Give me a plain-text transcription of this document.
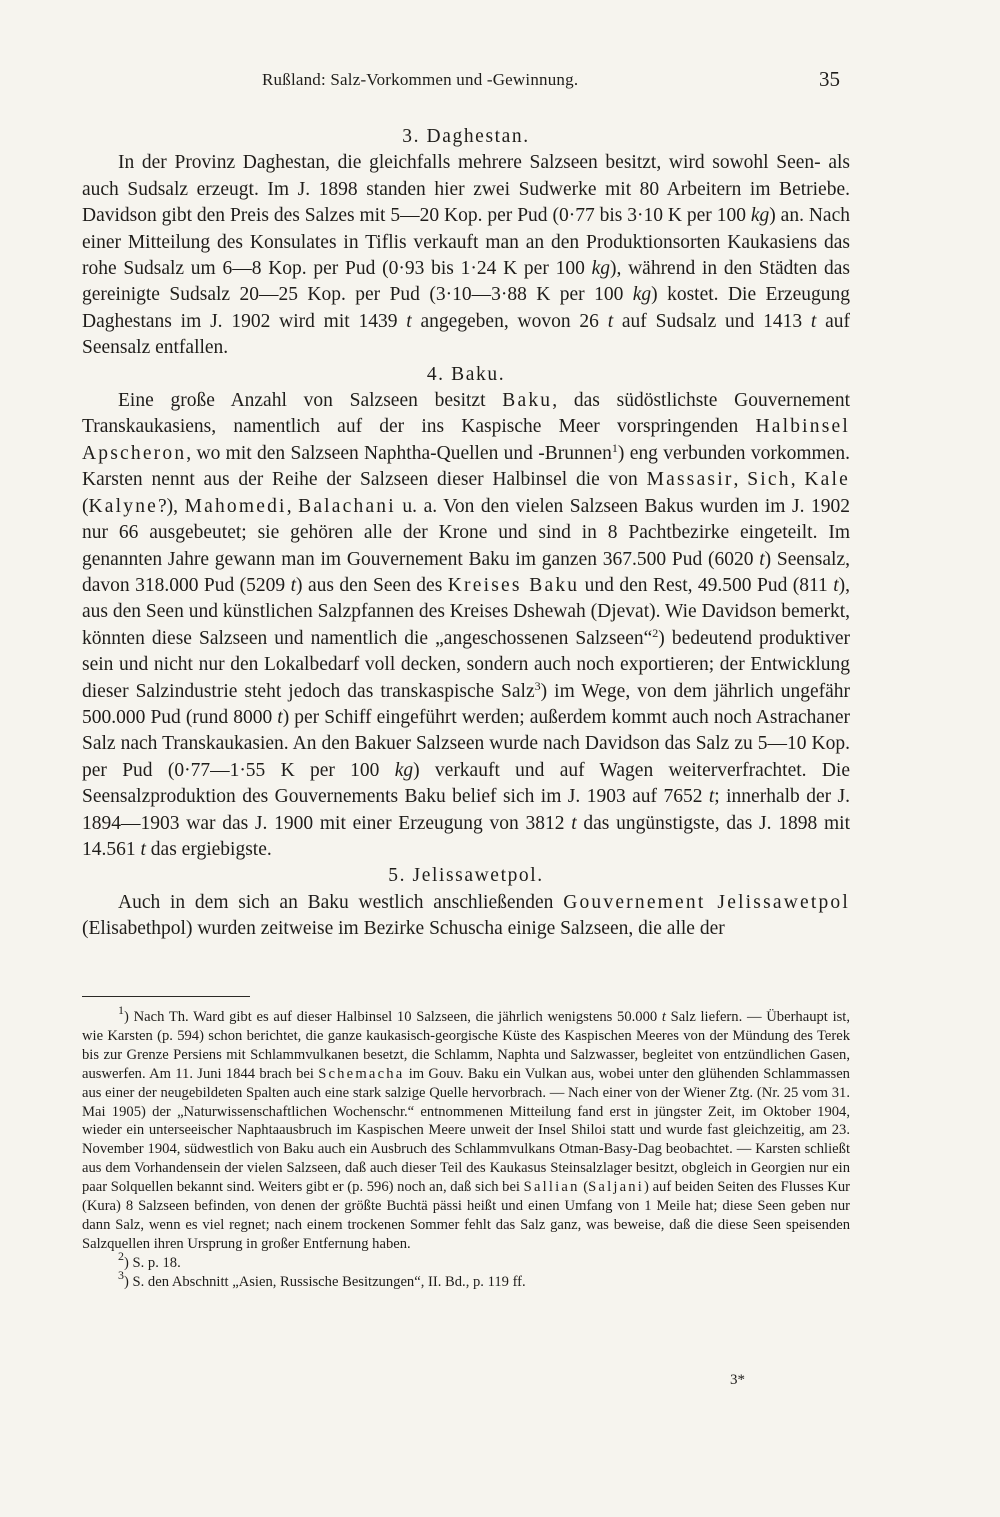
Rußland: Salz-Vorkommen und -Gewinnung.	35
3. Daghestan.

In der Provinz Daghestan, die gleichfalls mehrere Salzseen besitzt, wird sowohl Seen- als auch Sudsalz erzeugt. Im J. 1898 standen hier zwei Sudwerke mit 80 Arbeitern im Betriebe. Davidson gibt den Preis des Salzes mit 5—20 Kop. per Pud (0·77 bis 3·10 K per 100 kg) an. Nach einer Mitteilung des Konsulates in Tiflis verkauft man an den Produktionsorten Kaukasiens das rohe Sudsalz um 6—8 Kop. per Pud (0·93 bis 1·24 K per 100 kg), während in den Städten das gereinigte Sudsalz 20—25 Kop. per Pud (3·10—3·88 K per 100 kg) kostet. Die Erzeugung Daghestans im J. 1902 wird mit 1439 t angegeben, wovon 26 t auf Sudsalz und 1413 t auf Seensalz entfallen.

4. Baku.

Eine große Anzahl von Salzseen besitzt Baku, das südöstlichste Gouvernement Transkaukasiens, namentlich auf der ins Kaspische Meer vorspringenden Halbinsel Apscheron, wo mit den Salzseen Naphtha-Quellen und -Brunnen$^1$) eng verbunden vorkommen. Karsten nennt aus der Reihe der Salzseen dieser Halbinsel die von Massasir, Sich, Kale (Kalyne?), Mahomedi, Balachani u. a. Von den vielen Salzseen Bakus wurden im J. 1902 nur 66 ausgebeutet; sie gehören alle der Krone und sind in 8 Pachtbezirke eingeteilt. Im genannten Jahre gewann man im Gouvernement Baku im ganzen 367.500 Pud (6020 t) Seensalz, davon 318.000 Pud (5209 t) aus den Seen des Kreises Baku und den Rest, 49.500 Pud (811 t), aus den Seen und künstlichen Salzpfannen des Kreises Dshewah (Djevat). Wie Davidson bemerkt, könnten diese Salzseen und namentlich die „angeschossenen Salzseen“$^2$) bedeutend produktiver sein und nicht nur den Lokalbedarf voll decken, sondern auch noch exportieren; der Entwicklung dieser Salzindustrie steht jedoch das transkaspische Salz$^3$) im Wege, von dem jährlich ungefähr 500.000 Pud (rund 8000 t) per Schiff eingeführt werden; außerdem kommt auch noch Astrachaner Salz nach Transkaukasien. An den Bakuer Salzseen wurde nach Davidson das Salz zu 5—10 Kop. per Pud (0·77—1·55 K per 100 kg) verkauft und auf Wagen weiterverfrachtet. Die Seensalzproduktion des Gouvernements Baku belief sich im J. 1903 auf 7652 t; innerhalb der J. 1894—1903 war das J. 1900 mit einer Erzeugung von 3812 t das ungünstigste, das J. 1898 mit 14.561 t das ergiebigste.

5. Jelissawetpol.

Auch in dem sich an Baku westlich anschließenden Gouvernement Jelissawetpol (Elisabethpol) wurden zeitweise im Bezirke Schuscha einige Salzseen, die alle der

$^1$) Nach Th. Ward gibt es auf dieser Halbinsel 10 Salzseen, die jährlich wenigstens 50.000 t Salz liefern. — Überhaupt ist, wie Karsten (p. 594) schon berichtet, die ganze kaukasisch-georgische Küste des Kaspischen Meeres von der Mündung des Terek bis zur Grenze Persiens mit Schlammvulkanen besetzt, die Schlamm, Naphta und Salzwasser, begleitet von entzündlichen Gasen, auswerfen. Am 11. Juni 1844 brach bei Schemacha im Gouv. Baku ein Vulkan aus, wobei unter den glühenden Schlammassen aus einer der neugebildeten Spalten auch eine stark salzige Quelle hervorbrach. — Nach einer von der Wiener Ztg. (Nr. 25 vom 31. Mai 1905) der „Naturwissenschaftlichen Wochenschr.“ entnommenen Mitteilung fand erst in jüngster Zeit, im Oktober 1904, wieder ein unterseeischer Naphtaausbruch im Kaspischen Meere unweit der Insel Shiloi statt und wurde fast gleichzeitig, am 23. November 1904, südwestlich von Baku auch ein Ausbruch des Schlammvulkans Otman-Basy-Dag beobachtet. — Karsten schließt aus dem Vorhandensein der vielen Salzseen, daß auch dieser Teil des Kaukasus Steinsalzlager besitzt, obgleich in Georgien nur ein paar Solquellen bekannt sind. Weiters gibt er (p. 596) noch an, daß sich bei Sallian (Saljani) auf beiden Seiten des Flusses Kur (Kura) 8 Salzseen befinden, von denen der größte Buchtä pässi heißt und einen Umfang von 1 Meile hat; diese Seen geben nur dann Salz, wenn es viel regnet; nach einem trockenen Sommer fehlt das Salz ganz, was beweise, daß die diese Seen speisenden Salzquellen ihren Ursprung in großer Entfernung haben.

$^2$) S. p. 18.

$^3$) S. den Abschnitt „Asien, Russische Besitzungen“, II. Bd., p. 119 ff.

3*
